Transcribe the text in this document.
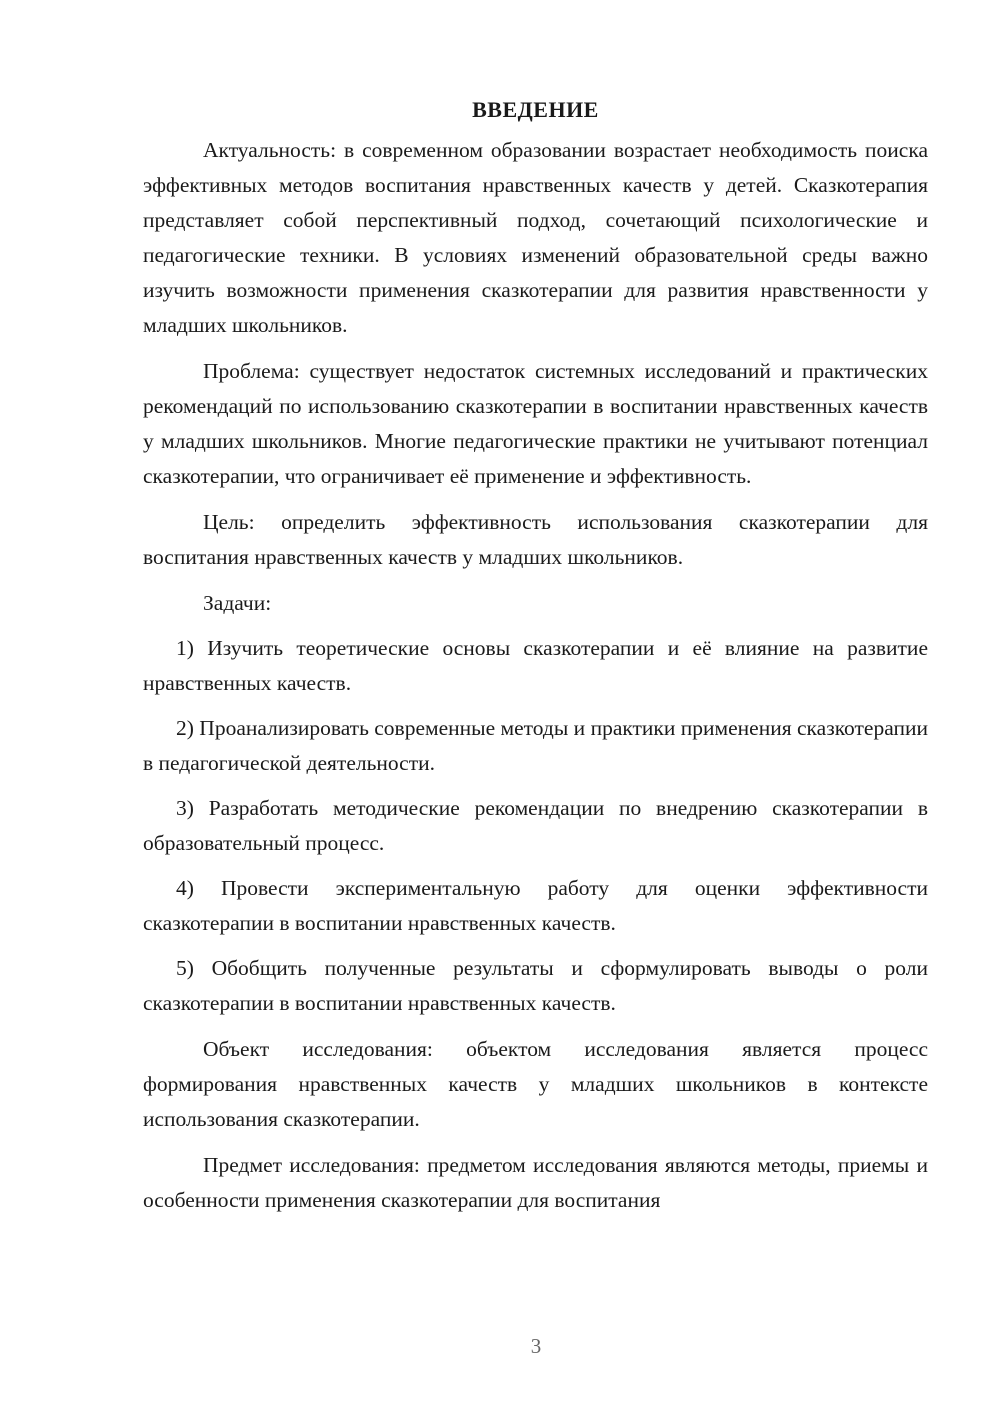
ВВЕДЕНИЕ

Актуальность: в современном образовании возрастает необходимость поиска эффективных методов воспитания нравственных качеств у детей. Сказкотерапия представляет собой перспективный подход, сочетающий психологические и педагогические техники. В условиях изменений образовательной среды важно изучить возможности применения сказкотерапии для развития нравственности у младших школьников.

Проблема: существует недостаток системных исследований и практических рекомендаций по использованию сказкотерапии в воспитании нравственных качеств у младших школьников. Многие педагогические практики не учитывают потенциал сказкотерапии, что ограничивает её применение и эффективность.

Цель: определить эффективность использования сказкотерапии для воспитания нравственных качеств у младших школьников.

Задачи:

1) Изучить теоретические основы сказкотерапии и её влияние на развитие нравственных качеств.

2) Проанализировать современные методы и практики применения сказкотерапии в педагогической деятельности.

3) Разработать методические рекомендации по внедрению сказкотерапии в образовательный процесс.

4) Провести экспериментальную работу для оценки эффективности сказкотерапии в воспитании нравственных качеств.

5) Обобщить полученные результаты и сформулировать выводы о роли сказкотерапии в воспитании нравственных качеств.

Объект исследования: объектом исследования является процесс формирования нравственных качеств у младших школьников в контексте использования сказкотерапии.

Предмет исследования: предметом исследования являются методы, приемы и особенности применения сказкотерапии для воспитания

3
